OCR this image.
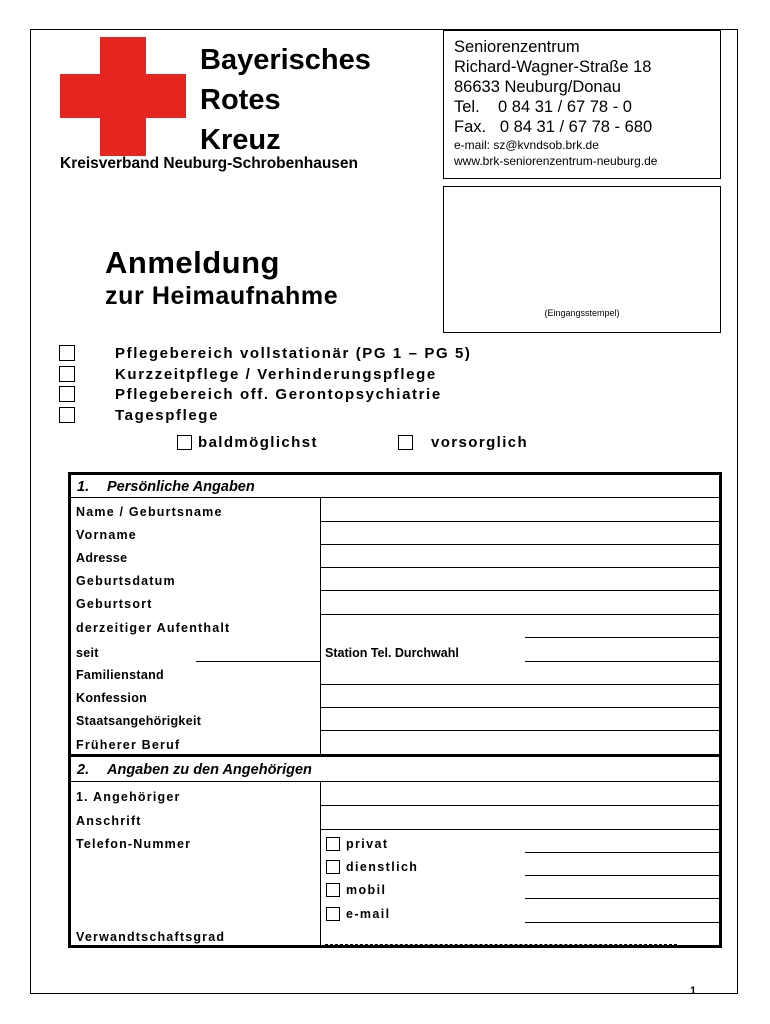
Bayerisches
Rotes
Kreuz
Kreisverband Neuburg-Schrobenhausen
Seniorenzentrum
Richard-Wagner-Straße 18
86633 Neuburg/Donau
Tel.    0 84 31 / 67 78 - 0
Fax.   0 84 31 / 67 78 - 680
e-mail: sz@kvndsob.brk.de
www.brk-seniorenzentrum-neuburg.de
(Eingangsstempel)
Anmeldung
zur Heimaufnahme
Pflegebereich vollstationär (PG 1 – PG 5)
Kurzzeitpflege / Verhinderungspflege
Pflegebereich off. Gerontopsychiatrie
Tagespflege
baldmöglichst	vorsorglich
1. Persönliche Angaben
Name / Geburtsname
Vorname
Adresse
Geburtsdatum
Geburtsort
derzeitiger Aufenthalt
seit	Station Tel. Durchwahl
Familienstand
Konfession
Staatsangehörigkeit
Früherer Beruf
2. Angaben zu den Angehörigen
1. Angehöriger
Anschrift
Telefon-Nummer	privat
dienstlich
mobil
e-mail
Verwandtschaftsgrad
1
